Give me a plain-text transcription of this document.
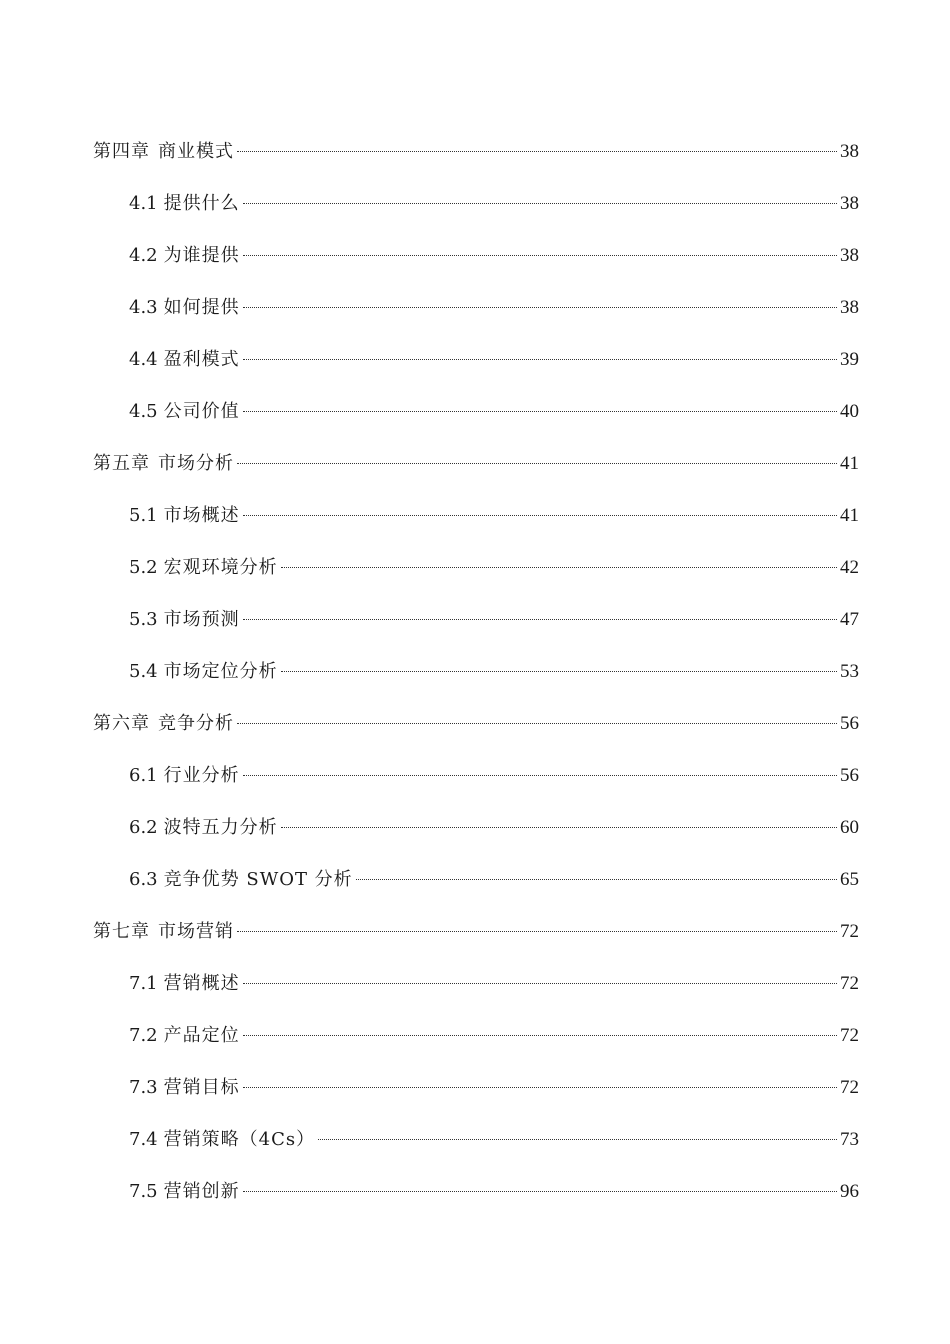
第四章 商业模式	38
4.1 提供什么	38
4.2 为谁提供	38
4.3 如何提供	38
4.4 盈利模式	39
4.5 公司价值	40
第五章 市场分析	41
5.1 市场概述	41
5.2 宏观环境分析	42
5.3 市场预测	47
5.4 市场定位分析	53
第六章 竞争分析	56
6.1 行业分析	56
6.2 波特五力分析	60
6.3 竞争优势 SWOT 分析	65
第七章 市场营销	72
7.1 营销概述	72
7.2 产品定位	72
7.3 营销目标	72
7.4 营销策略（4Cs）	73
7.5 营销创新	96
